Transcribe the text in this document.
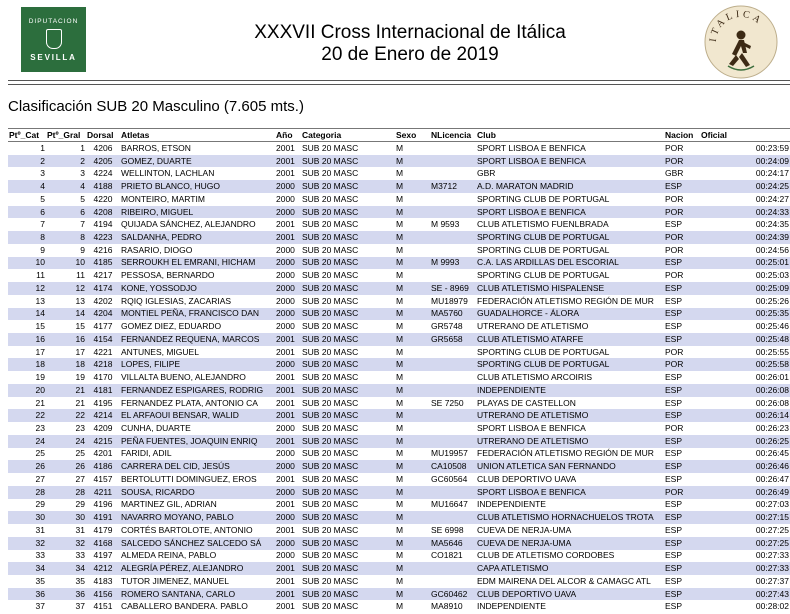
DIPUTACION
SEVILLA
XXXVII Cross Internacional de Itálica
20 de Enero de 2019
ITALICA
Clasificación SUB 20 Masculino (7.605 mts.)
Ptº_Cat	Ptº_Gral	Dorsal	Atletas	Año	Categoria	Sexo	NLicencia	Club	Nacion	Oficial
1	1	4206	BARROS, ETSON	2001	SUB 20 MASC	M		SPORT LISBOA E BENFICA	POR	00:23:59
2	2	4205	GOMEZ, DUARTE	2001	SUB 20 MASC	M		SPORT LISBOA E BENFICA	POR	00:24:09
3	3	4224	WELLINTON, LACHLAN	2001	SUB 20 MASC	M		GBR	GBR	00:24:17
4	4	4188	PRIETO BLANCO, HUGO	2000	SUB 20 MASC	M	M3712	A.D. MARATON MADRID	ESP	00:24:25
5	5	4220	MONTEIRO, MARTIM	2000	SUB 20 MASC	M		SPORTING CLUB DE PORTUGAL	POR	00:24:27
6	6	4208	RIBEIRO, MIGUEL	2000	SUB 20 MASC	M		SPORT LISBOA E BENFICA	POR	00:24:33
7	7	4194	QUIJADA SÁNCHEZ, ALEJANDRO	2001	SUB 20 MASC	M	M 9593	CLUB ATLETISMO FUENLBRADA	ESP	00:24:35
8	8	4223	SALDANHA, PEDRO	2001	SUB 20 MASC	M		SPORTING CLUB DE PORTUGAL	POR	00:24:39
9	9	4216	RASARIO, DIOGO	2000	SUB 20 MASC	M		SPORTING CLUB DE PORTUGAL	POR	00:24:56
10	10	4185	SERROUKH EL EMRANI, HICHAM	2000	SUB 20 MASC	M	M 9993	C.A. LAS ARDILLAS DEL ESCORIAL	ESP	00:25:01
11	11	4217	PESSOSA, BERNARDO	2000	SUB 20 MASC	M		SPORTING CLUB DE PORTUGAL	POR	00:25:03
12	12	4174	KONE, YOSSODJO	2000	SUB 20 MASC	M	SE - 8969	CLUB ATLETISMO HISPALENSE	ESP	00:25:09
13	13	4202	RQIQ IGLESIAS, ZACARIAS	2000	SUB 20 MASC	M	MU18979	FEDERACIÓN ATLETISMO REGIÓN DE MUR	ESP	00:25:26
14	14	4204	MONTIEL PEÑA, FRANCISCO DAN	2000	SUB 20 MASC	M	MA5760	GUADALHORCE - ÁLORA	ESP	00:25:35
15	15	4177	GOMEZ DIEZ, EDUARDO	2000	SUB 20 MASC	M	GR5748	UTRERANO DE ATLETISMO	ESP	00:25:46
16	16	4154	FERNANDEZ REQUENA, MARCOS	2001	SUB 20 MASC	M	GR5658	CLUB ATLETISMO ATARFE	ESP	00:25:48
17	17	4221	ANTUNES, MIGUEL	2001	SUB 20 MASC	M		SPORTING CLUB DE PORTUGAL	POR	00:25:55
18	18	4218	LOPES, FILIPE	2000	SUB 20 MASC	M		SPORTING CLUB DE PORTUGAL	POR	00:25:58
19	19	4170	VILLALTA BUENO, ALEJANDRO	2001	SUB 20 MASC	M		CLUB ATLETISMO ARCOIRIS	ESP	00:26:01
20	21	4181	FERNANDEZ ESPIGARES, RODRIG	2001	SUB 20 MASC	M		INDEPENDIENTE	ESP	00:26:08
21	21	4195	FERNANDEZ PLATA, ANTONIO CA	2001	SUB 20 MASC	M	SE 7250	PLAYAS DE CASTELLON	ESP	00:26:08
22	22	4214	EL ARFAOUI BENSAR, WALID	2001	SUB 20 MASC	M		UTRERANO DE ATLETISMO	ESP	00:26:14
23	23	4209	CUNHA, DUARTE	2000	SUB 20 MASC	M		SPORT LISBOA E BENFICA	POR	00:26:23
24	24	4215	PEÑA FUENTES, JOAQUIN ENRIQ	2001	SUB 20 MASC	M		UTRERANO DE ATLETISMO	ESP	00:26:25
25	25	4201	FARIDI, ADIL	2000	SUB 20 MASC	M	MU19957	FEDERACIÓN ATLETISMO REGIÓN DE MUR	ESP	00:26:45
26	26	4186	CARRERA DEL CID, JESÚS	2000	SUB 20 MASC	M	CA10508	UNION ATLETICA SAN FERNANDO	ESP	00:26:46
27	27	4157	BERTOLUTTI DOMINGUEZ, EROS	2001	SUB 20 MASC	M	GC60564	CLUB DEPORTIVO UAVA	ESP	00:26:47
28	28	4211	SOUSA, RICARDO	2000	SUB 20 MASC	M		SPORT LISBOA E BENFICA	POR	00:26:49
29	29	4196	MARTINEZ GIL, ADRIAN	2001	SUB 20 MASC	M	MU16647	INDEPENDIENTE	ESP	00:27:03
30	30	4191	NAVARRO MOYANO, PABLO	2000	SUB 20 MASC	M		CLUB ATLETISMO HORNACHUELOS TROTA	ESP	00:27:15
31	31	4179	CORTÉS BARTOLOTE, ANTONIO	2001	SUB 20 MASC	M	SE 6998	CUEVA DE NERJA-UMA	ESP	00:27:25
32	32	4168	SALCEDO SÁNCHEZ SALCEDO SÁ	2000	SUB 20 MASC	M	MA5646	CUEVA DE NERJA-UMA	ESP	00:27:25
33	33	4197	ALMEDA REINA, PABLO	2000	SUB 20 MASC	M	CO1821	CLUB DE ATLETISMO CORDOBES	ESP	00:27:33
34	34	4212	ALEGRÍA PÉREZ, ALEJANDRO	2001	SUB 20 MASC	M		CAPA ATLETISMO	ESP	00:27:33
35	35	4183	TUTOR JIMENEZ, MANUEL	2001	SUB 20 MASC	M		EDM MAIRENA DEL ALCOR & CAMAGC ATL	ESP	00:27:37
36	36	4156	ROMERO SANTANA, CARLO	2001	SUB 20 MASC	M	GC60462	CLUB DEPORTIVO UAVA	ESP	00:27:43
37	37	4151	CABALLERO BANDERA. PABLO	2001	SUB 20 MASC	M	MA8910	INDEPENDIENTE	ESP	00:28:02
